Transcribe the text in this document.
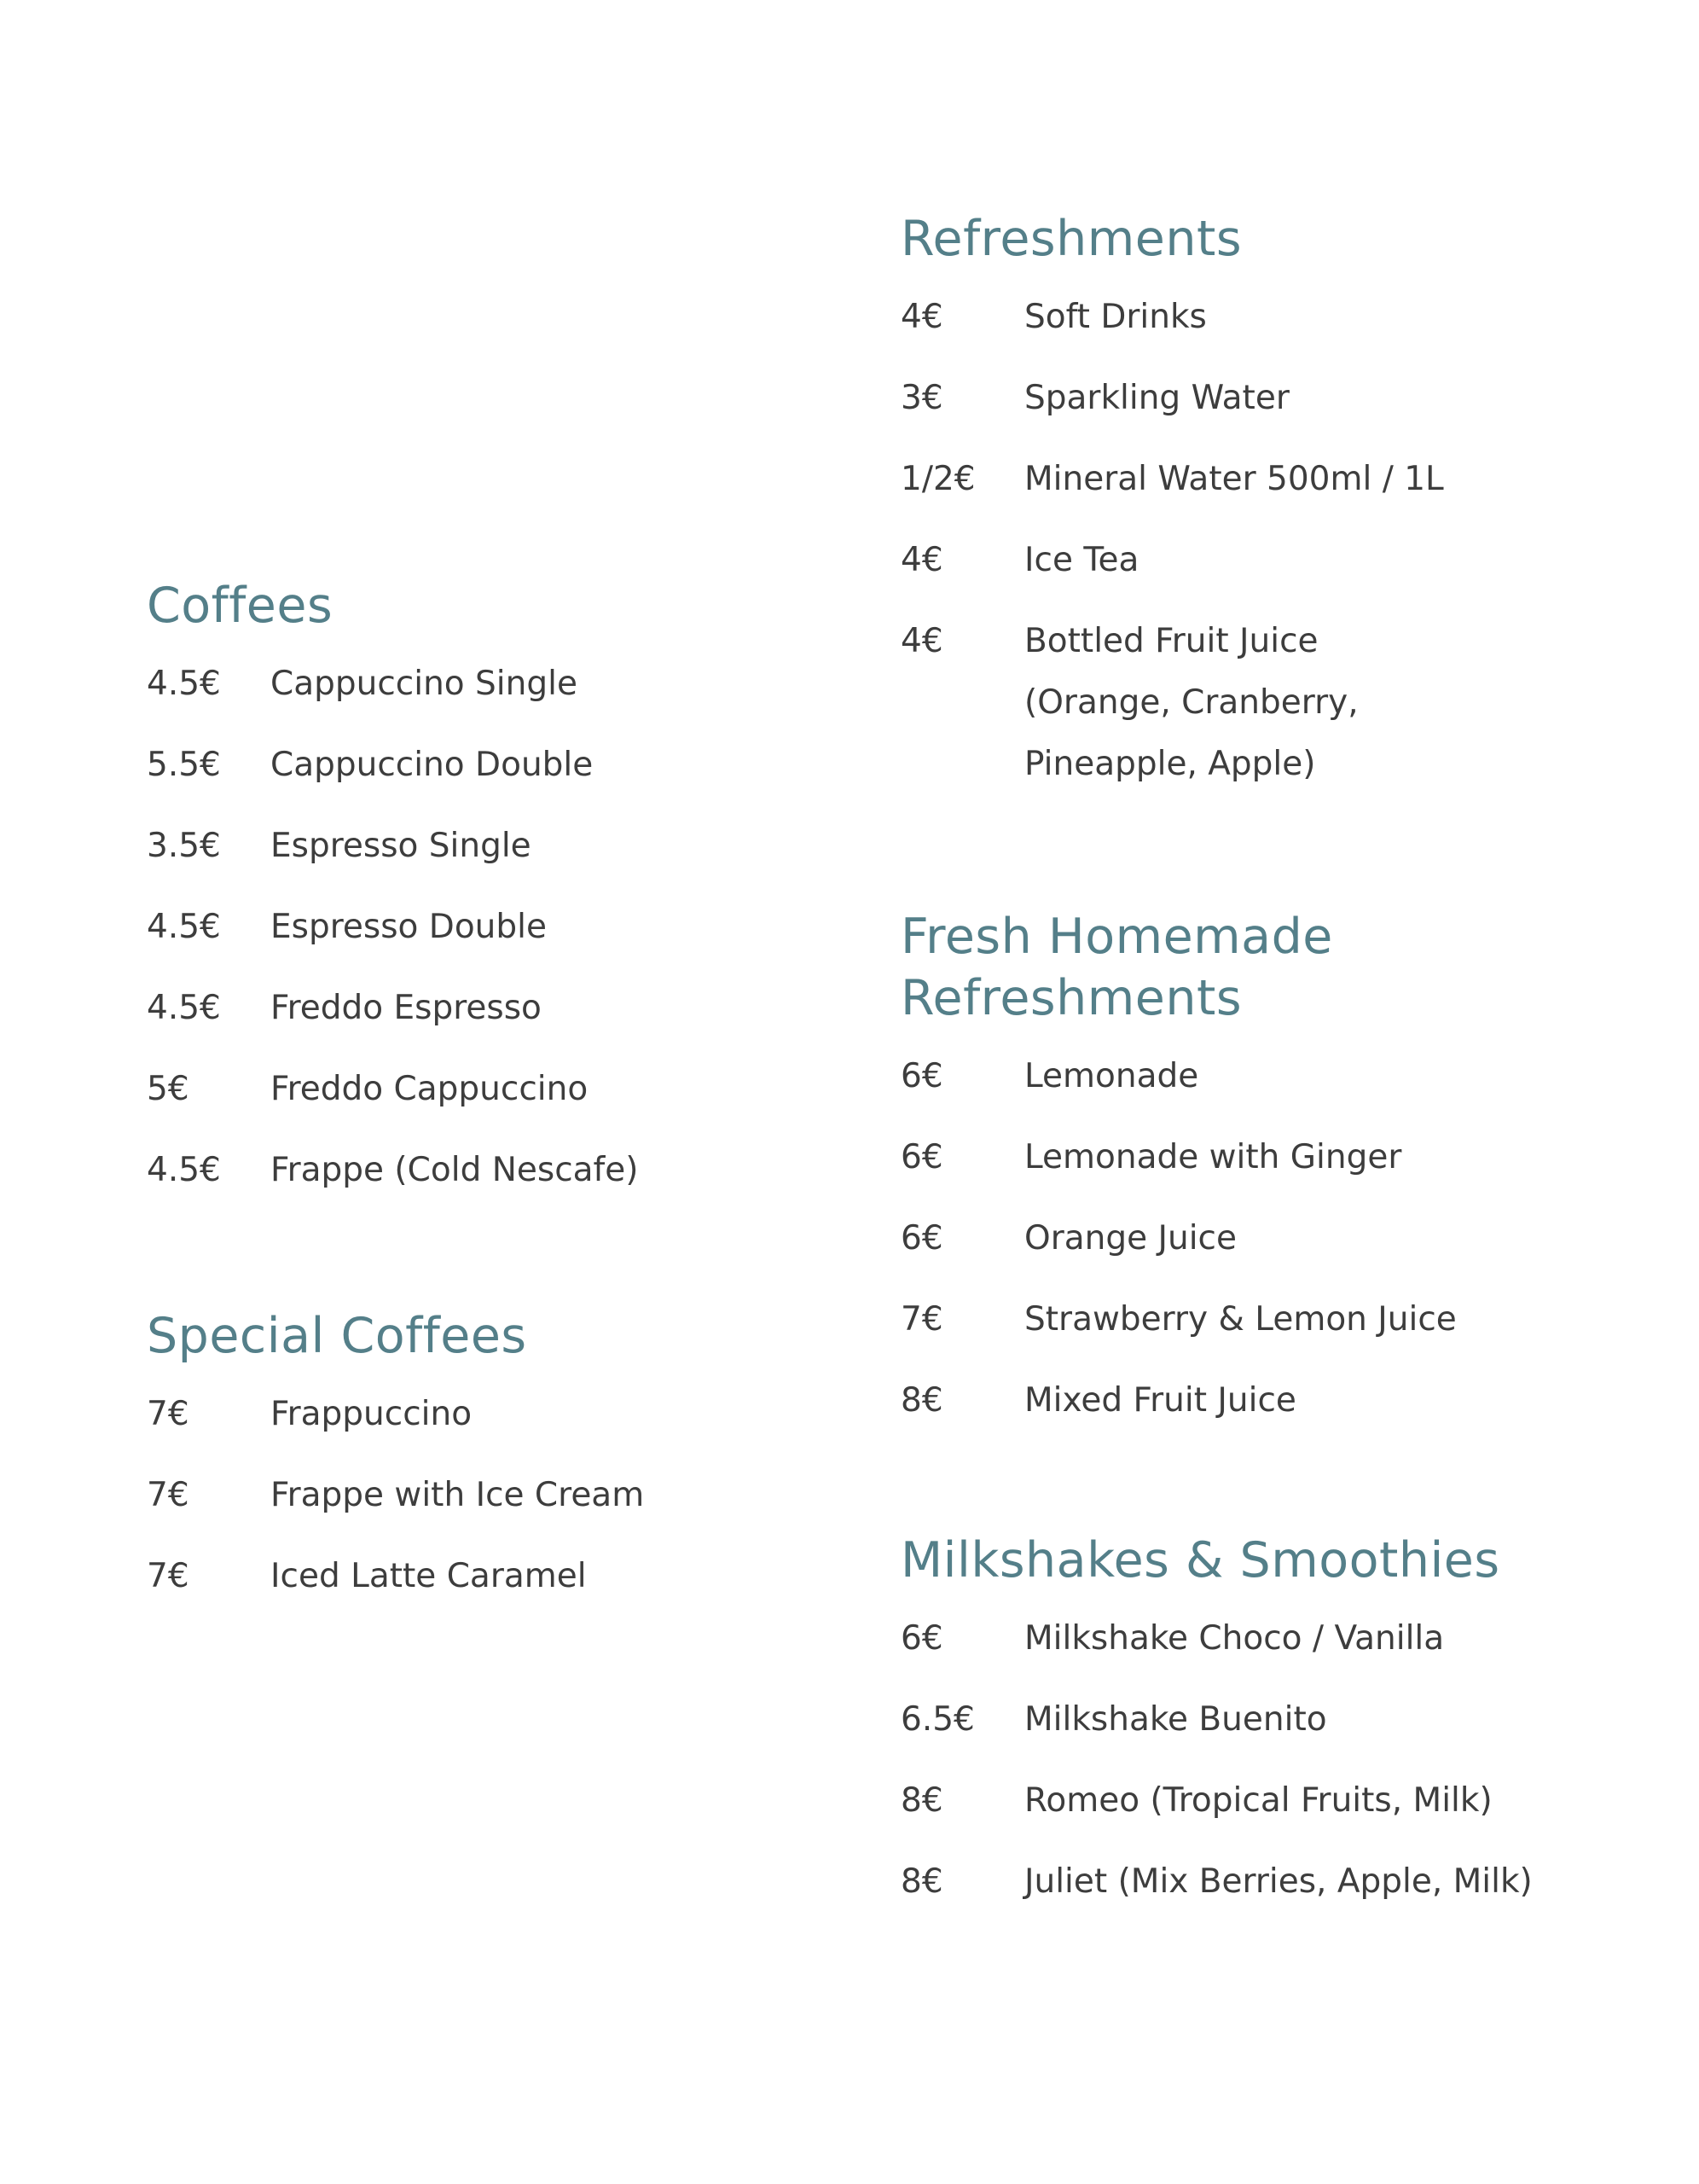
Coffees
4.5€	Cappuccino Single
5.5€	Cappuccino Double
3.5€	Espresso Single
4.5€	Espresso Double
4.5€	Freddo Espresso
5€	Freddo Cappuccino
4.5€	Frappe (Cold Nescafe)
Special Coffees
7€	Frappuccino
7€	Frappe with Ice Cream
7€	Iced Latte Caramel
Refreshments
4€	Soft Drinks
3€	Sparkling Water
1/2€	Mineral Water 500ml / 1L
4€	Ice Tea
4€	Bottled Fruit Juice
(Orange, Cranberry,
Pineapple, Apple)
Fresh Homemade
Refreshments
6€	Lemonade
6€	Lemonade with Ginger
6€	Orange Juice
7€	Strawberry & Lemon Juice
8€	Mixed Fruit Juice
Milkshakes & Smoothies
6€	Milkshake Choco / Vanilla
6.5€	Milkshake Buenito
8€	Romeo (Tropical Fruits, Milk)
8€	Juliet (Mix Berries, Apple, Milk)
